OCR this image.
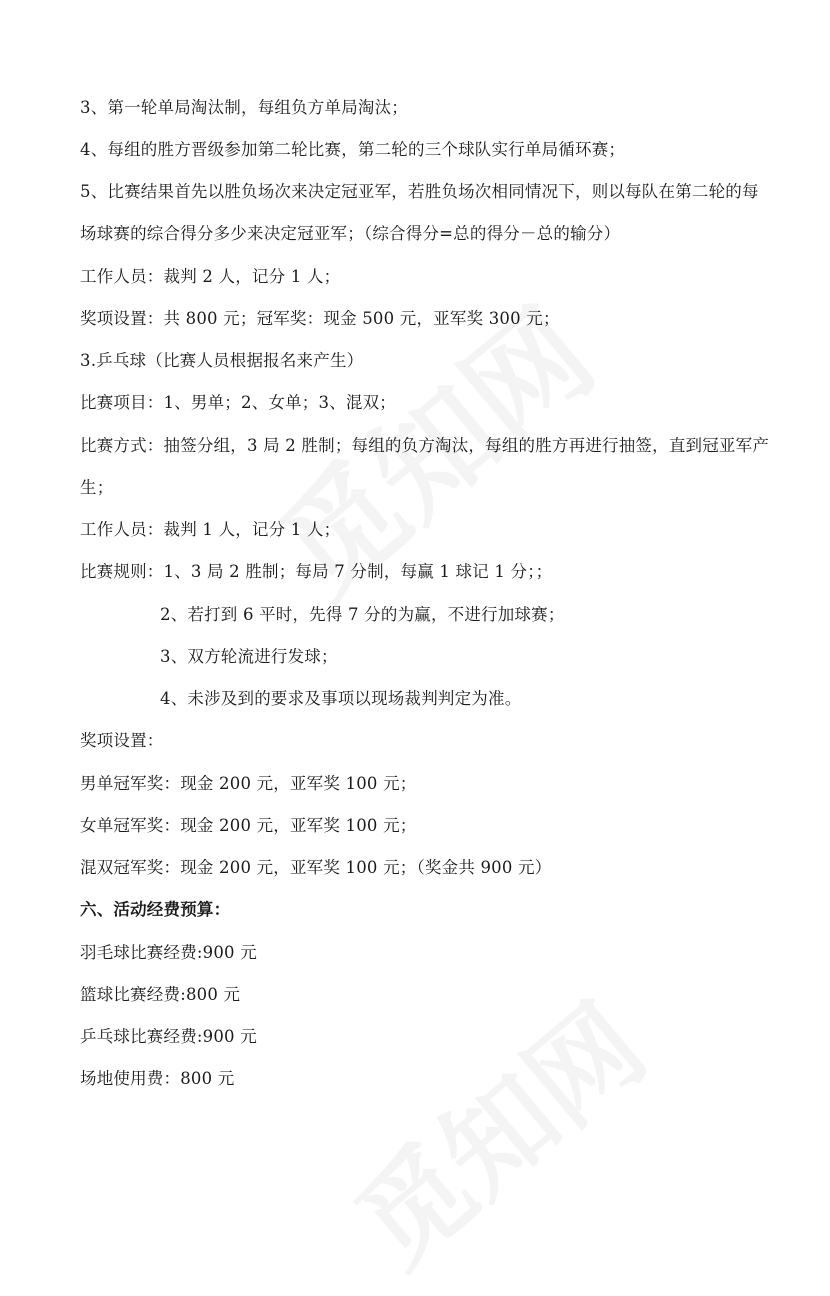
3、第一轮单局淘汰制，每组负方单局淘汰；
4、每组的胜方晋级参加第二轮比赛，第二轮的三个球队实行单局循环赛；
5、比赛结果首先以胜负场次来决定冠亚军，若胜负场次相同情况下，则以每队在第二轮的每
场球赛的综合得分多少来决定冠亚军；（综合得分=总的得分－总的输分）
工作人员：裁判 2 人，记分 1 人；
奖项设置：共 800 元；冠军奖：现金 500 元，亚军奖 300 元；
3.乒乓球（比赛人员根据报名来产生）
比赛项目：1、男单；2、女单；3、混双；
比赛方式：抽签分组，3 局 2 胜制；每组的负方淘汰，每组的胜方再进行抽签，直到冠亚军产
生；
工作人员：裁判 1 人，记分 1 人；
比赛规则：1、3 局 2 胜制；每局 7 分制，每赢 1 球记 1 分；；
2、若打到 6 平时，先得 7 分的为赢，不进行加球赛；
3、双方轮流进行发球；
4、未涉及到的要求及事项以现场裁判判定为准。
奖项设置：
男单冠军奖：现金 200 元，亚军奖 100 元；
女单冠军奖：现金 200 元，亚军奖 100 元；
混双冠军奖：现金 200 元，亚军奖 100 元；（奖金共 900 元）
六、活动经费预算：
羽毛球比赛经费:900 元
篮球比赛经费:800 元
乒乓球比赛经费:900 元
场地使用费：800 元
